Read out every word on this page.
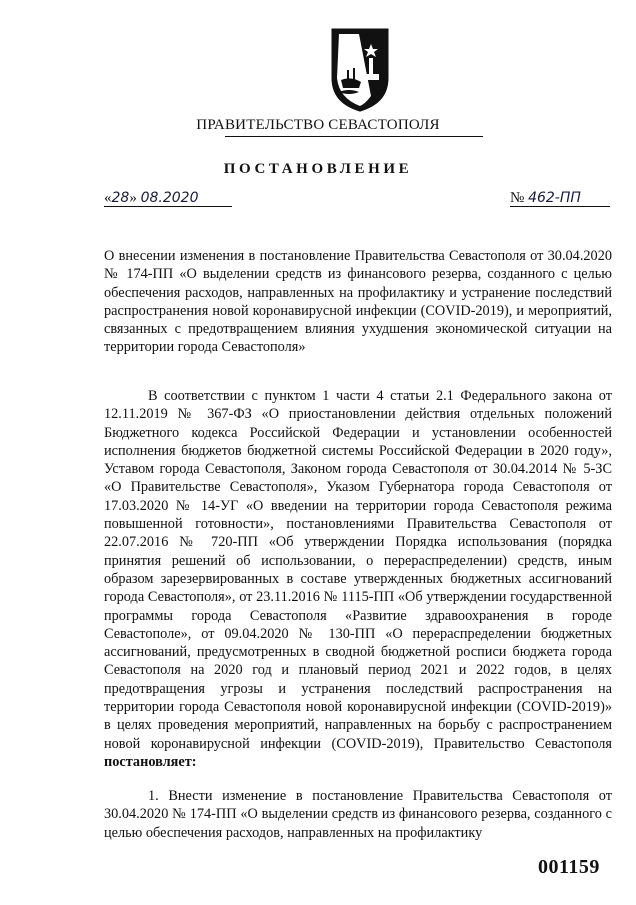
ПРАВИТЕЛЬСТВО СЕВАСТОПОЛЯ
ПОСТАНОВЛЕНИЕ
«28» 08.2020	№ 462-ПП
О внесении изменения в постановление Правительства Севастополя от 30.04.2020 № 174-ПП «О выделении средств из финансового резерва, созданного с целью обеспечения расходов, направленных на профилактику и устранение последствий распространения новой коронавирусной инфекции (COVID-2019), и мероприятий, связанных с предотвращением влияния ухудшения экономической ситуации на территории города Севастополя»
В соответствии с пунктом 1 части 4 статьи 2.1 Федерального закона от 12.11.2019 № 367-ФЗ «О приостановлении действия отдельных положений Бюджетного кодекса Российской Федерации и установлении особенностей исполнения бюджетов бюджетной системы Российской Федерации в 2020 году», Уставом города Севастополя, Законом города Севастополя от 30.04.2014 № 5-ЗС «О Правительстве Севастополя», Указом Губернатора города Севастополя от 17.03.2020 № 14-УГ «О введении на территории города Севастополя режима повышенной готовности», постановлениями Правительства Севастополя от 22.07.2016 № 720-ПП «Об утверждении Порядка использования (порядка принятия решений об использовании, о перераспределении) средств, иным образом зарезервированных в составе утвержденных бюджетных ассигнований города Севастополя», от 23.11.2016 № 1115-ПП «Об утверждении государственной программы города Севастополя «Развитие здравоохранения в городе Севастополе», от 09.04.2020 № 130-ПП «О перераспределении бюджетных ассигнований, предусмотренных в сводной бюджетной росписи бюджета города Севастополя на 2020 год и плановый период 2021 и 2022 годов, в целях предотвращения угрозы и устранения последствий распространения на территории города Севастополя новой коронавирусной инфекции (COVID-2019)» в целях проведения мероприятий, направленных на борьбу с распространением новой коронавирусной инфекции (COVID-2019), Правительство Севастополя постановляет:
1. Внести изменение в постановление Правительства Севастополя от 30.04.2020 № 174-ПП «О выделении средств из финансового резерва, созданного с целью обеспечения расходов, направленных на профилактику
001159
